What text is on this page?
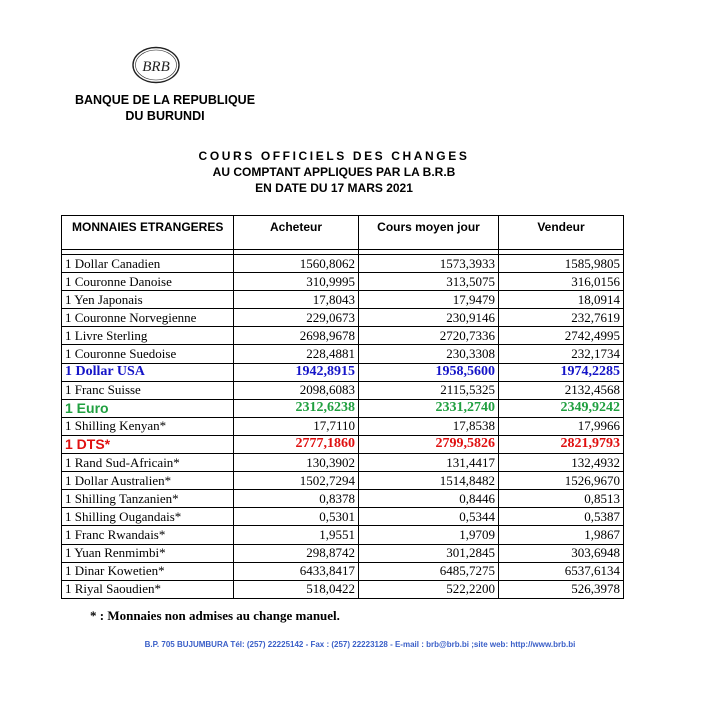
BRB
BANQUE DE LA REPUBLIQUE
DU BURUNDI
COURS OFFICIELS DES CHANGES
AU COMPTANT APPLIQUES PAR LA B.R.B
EN DATE DU 17 MARS 2021
MONNAIES ETRANGERES	Acheteur	Cours moyen jour	Vendeur

1 Dollar Canadien	1560,8062	1573,3933	1585,9805
1 Couronne Danoise	310,9995	313,5075	316,0156
1 Yen Japonais	17,8043	17,9479	18,0914
1 Couronne Norvegienne	229,0673	230,9146	232,7619
1 Livre Sterling	2698,9678	2720,7336	2742,4995
1 Couronne Suedoise	228,4881	230,3308	232,1734
1 Dollar USA	1942,8915	1958,5600	1974,2285
1 Franc Suisse	2098,6083	2115,5325	2132,4568
1 Euro	2312,6238	2331,2740	2349,9242
1 Shilling Kenyan*	17,7110	17,8538	17,9966
1 DTS*	2777,1860	2799,5826	2821,9793
1 Rand Sud-Africain*	130,3902	131,4417	132,4932
1 Dollar Australien*	1502,7294	1514,8482	1526,9670
1 Shilling Tanzanien*	0,8378	0,8446	0,8513
1 Shilling Ougandais*	0,5301	0,5344	0,5387
1 Franc Rwandais*	1,9551	1,9709	1,9867
1 Yuan Renmimbi*	298,8742	301,2845	303,6948
1 Dinar Kowetien*	6433,8417	6485,7275	6537,6134
1 Riyal Saoudien*	518,0422	522,2200	526,3978
* : Monnaies non admises au change manuel.
B.P. 705 BUJUMBURA Tél: (257) 22225142 - Fax : (257) 22223128 - E-mail : brb@brb.bi ;site web: http://www.brb.bi
